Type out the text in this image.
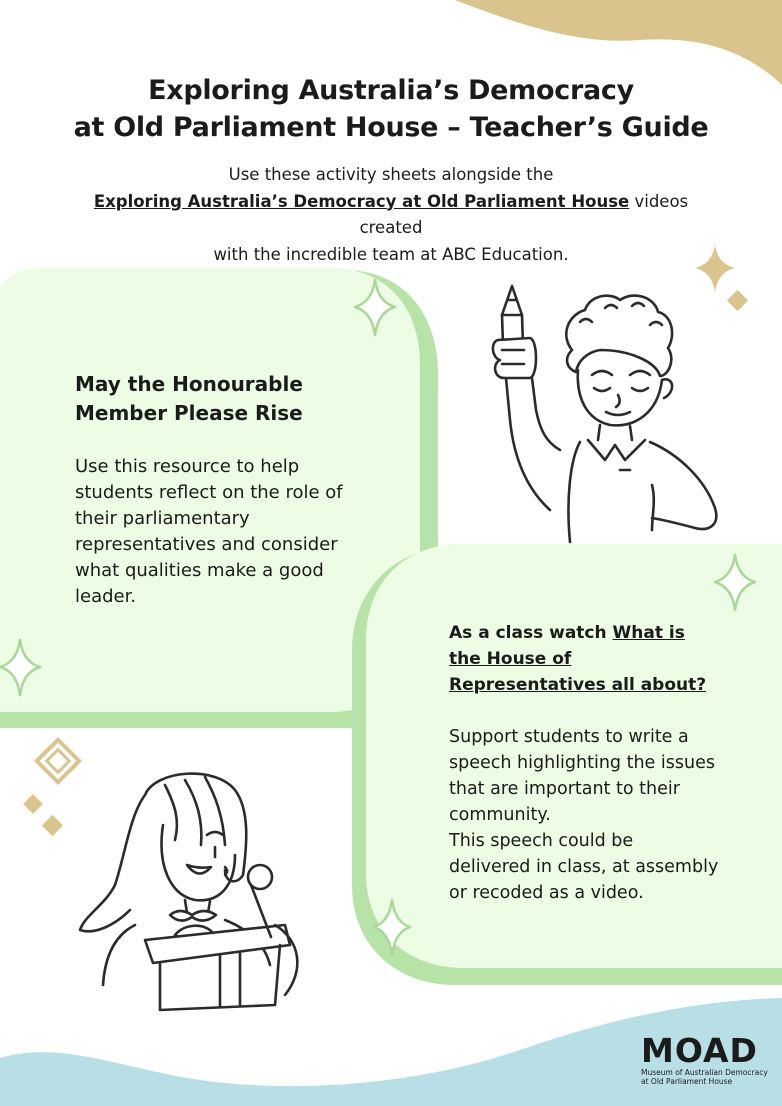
Exploring Australia’s Democracy
at Old Parliament House – Teacher’s Guide
Use these activity sheets alongside the
Exploring Australia’s Democracy at Old Parliament House videos created
with the incredible team at ABC Education.
May the Honourable
Member Please Rise
Use this resource to help students reflect on the role of their parliamentary representatives and consider what qualities make a good leader.
As a class watch What is the House of Representatives all about?
Support students to write a speech highlighting the issues that are important to their community.
This speech could be delivered in class, at assembly or recoded as a video.
MOAD
Museum of Australian Democracy
at Old Parliament House
